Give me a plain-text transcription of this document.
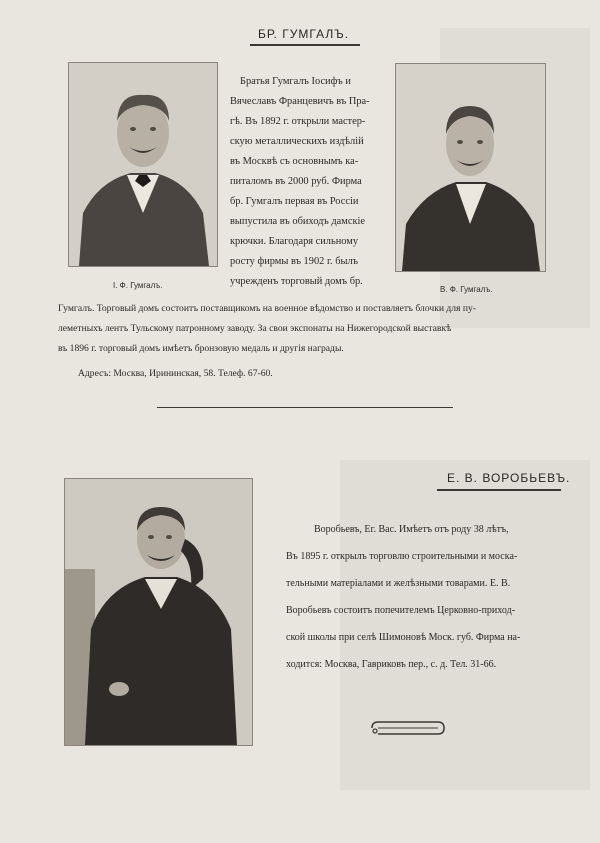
БР. ГУМГАЛЪ.
I. Ф. Гумгалъ.	В. Ф. Гумгалъ.
Братья Гумгалъ Iосифъ и
Вячеславъ Францевичъ въ Пра-
гѣ. Въ 1892 г. открыли мастер-
скую металлическихъ издѣлiй
въ Москвѣ съ основнымъ ка-
питаломъ въ 2000 руб. Фирма
бр. Гумгалъ первая въ Россiи
выпустила въ обиходъ дамскiе
крючки. Благодаря сильному
росту фирмы въ 1902 г. былъ
учрежденъ торговый домъ бр.
Гумгалъ. Торговый домъ состоитъ поставщикомъ на военное вѣдомство и поставляетъ блочки для пу-
леметныхъ лентъ Тульскому патронному заводу. За свои экспонаты на Нижегородской выставкѣ
въ 1896 г. торговый домъ имѣетъ бронзовую медаль и другiя награды.
Адресъ: Москва, Ирининская, 58. Телеф. 67-60.
Е. В. ВОРОБЬЕВЪ.
Воробьевъ, Ег. Вас. Имѣетъ отъ роду 38 лѣтъ,
Въ 1895 г. открылъ торговлю строительными и москa-
тельными матерiалами и желѣзными товарами. Е. В.
Воробьевъ состоитъ попечителемъ Церковно-приход-
ской школы при селѣ Шимоновѣ Моск. губ. Фирма на-
ходится: Москва, Гавриковъ пер., с. д. Тел. 31-66.
